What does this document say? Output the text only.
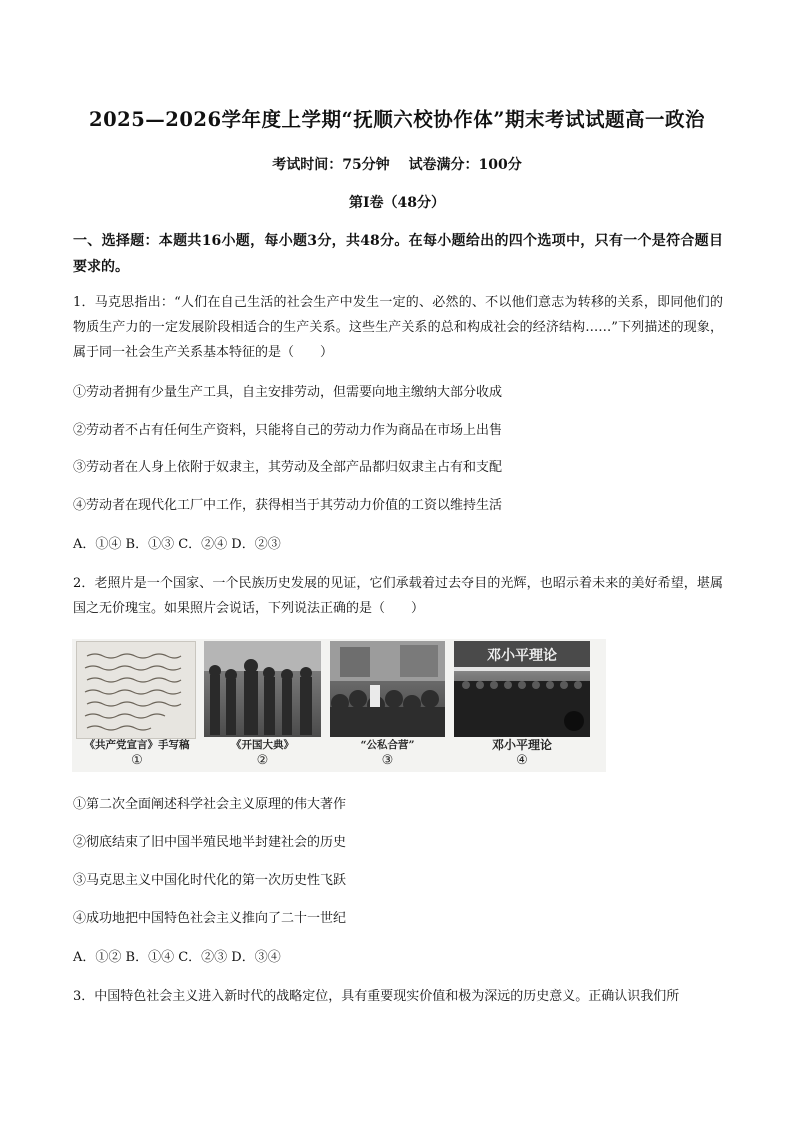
2025—2026学年度上学期“抚顺六校协作体”期末考试试题高一政治
考试时间：75分钟 试卷满分：100分
第Ⅰ卷（48分）
一、选择题：本题共16小题，每小题3分，共48分。在每小题给出的四个选项中，只有一个是符合题目要求的。
1．马克思指出：“人们在自己生活的社会生产中发生一定的、必然的、不以他们意志为转移的关系，即同他们的物质生产力的一定发展阶段相适合的生产关系。这些生产关系的总和构成社会的经济结构……”下列描述的现象，属于同一社会生产关系基本特征的是（　　）
①劳动者拥有少量生产工具，自主安排劳动，但需要向地主缴纳大部分收成
②劳动者不占有任何生产资料，只能将自己的劳动力作为商品在市场上出售
③劳动者在人身上依附于奴隶主，其劳动及全部产品都归奴隶主占有和支配
④劳动者在现代化工厂中工作，获得相当于其劳动力价值的工资以维持生活
A．①④ B．①③ C．②④ D．②③
2．老照片是一个国家、一个民族历史发展的见证，它们承载着过去夺目的光辉，也昭示着未来的美好希望，堪属国之无价瑰宝。如果照片会说话，下列说法正确的是（　　）
邓小平理论
《共产党宣言》手写稿
①
《开国大典》
②
“公私合营”
③
邓小平理论
④
①第二次全面阐述科学社会主义原理的伟大著作
②彻底结束了旧中国半殖民地半封建社会的历史
③马克思主义中国化时代化的第一次历史性飞跃
④成功地把中国特色社会主义推向了二十一世纪
A．①② B．①④ C．②③ D．③④
3．中国特色社会主义进入新时代的战略定位，具有重要现实价值和极为深远的历史意义。正确认识我们所
